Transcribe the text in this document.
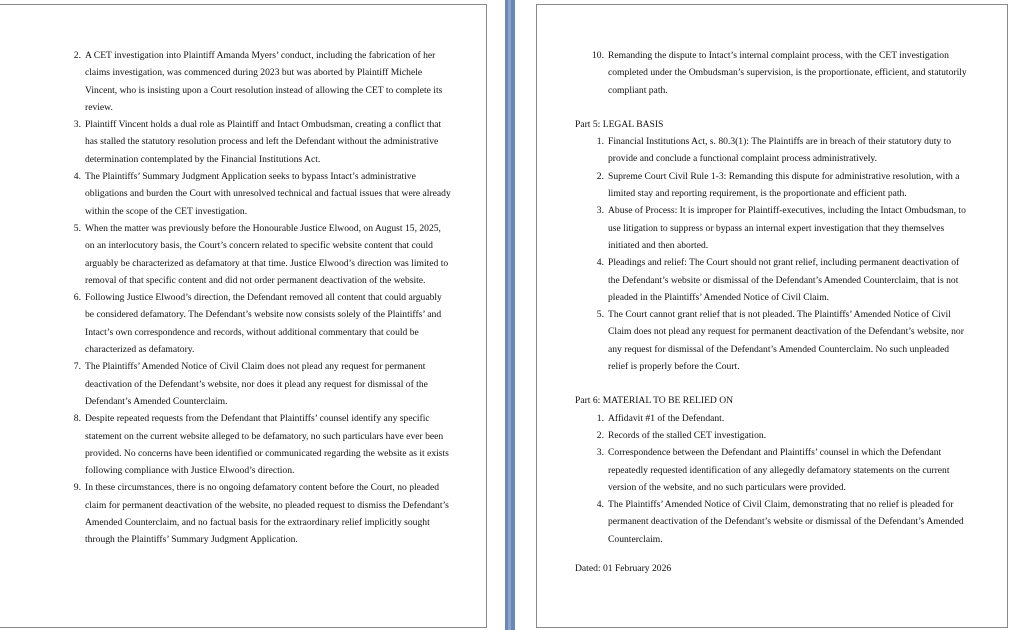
2. A CET investigation into Plaintiff Amanda Myers’ conduct, including the fabrication of her claims investigation, was commenced during 2023 but was aborted by Plaintiff Michele Vincent, who is insisting upon a Court resolution instead of allowing the CET to complete its review.
3. Plaintiff Vincent holds a dual role as Plaintiff and Intact Ombudsman, creating a conflict that has stalled the statutory resolution process and left the Defendant without the administrative determination contemplated by the Financial Institutions Act.
4. The Plaintiffs’ Summary Judgment Application seeks to bypass Intact’s administrative obligations and burden the Court with unresolved technical and factual issues that were already within the scope of the CET investigation.
5. When the matter was previously before the Honourable Justice Elwood, on August 15, 2025, on an interlocutory basis, the Court’s concern related to specific website content that could arguably be characterized as defamatory at that time. Justice Elwood’s direction was limited to removal of that specific content and did not order permanent deactivation of the website.
6. Following Justice Elwood’s direction, the Defendant removed all content that could arguably be considered defamatory. The Defendant’s website now consists solely of the Plaintiffs’ and Intact’s own correspondence and records, without additional commentary that could be characterized as defamatory.
7. The Plaintiffs’ Amended Notice of Civil Claim does not plead any request for permanent deactivation of the Defendant’s website, nor does it plead any request for dismissal of the Defendant’s Amended Counterclaim.
8. Despite repeated requests from the Defendant that Plaintiffs’ counsel identify any specific statement on the current website alleged to be defamatory, no such particulars have ever been provided. No concerns have been identified or communicated regarding the website as it exists following compliance with Justice Elwood’s direction.
9. In these circumstances, there is no ongoing defamatory content before the Court, no pleaded claim for permanent deactivation of the website, no pleaded request to dismiss the Defendant’s Amended Counterclaim, and no factual basis for the extraordinary relief implicitly sought through the Plaintiffs’ Summary Judgment Application.
10. Remanding the dispute to Intact’s internal complaint process, with the CET investigation completed under the Ombudsman’s supervision, is the proportionate, efficient, and statutorily compliant path.
Part 5: LEGAL BASIS
1. Financial Institutions Act, s. 80.3(1): The Plaintiffs are in breach of their statutory duty to provide and conclude a functional complaint process administratively.
2. Supreme Court Civil Rule 1-3: Remanding this dispute for administrative resolution, with a limited stay and reporting requirement, is the proportionate and efficient path.
3. Abuse of Process: It is improper for Plaintiff-executives, including the Intact Ombudsman, to use litigation to suppress or bypass an internal expert investigation that they themselves initiated and then aborted.
4. Pleadings and relief: The Court should not grant relief, including permanent deactivation of the Defendant’s website or dismissal of the Defendant’s Amended Counterclaim, that is not pleaded in the Plaintiffs’ Amended Notice of Civil Claim.
5. The Court cannot grant relief that is not pleaded. The Plaintiffs’ Amended Notice of Civil Claim does not plead any request for permanent deactivation of the Defendant’s website, nor any request for dismissal of the Defendant’s Amended Counterclaim. No such unpleaded relief is properly before the Court.
Part 6: MATERIAL TO BE RELIED ON
1. Affidavit #1 of the Defendant.
2. Records of the stalled CET investigation.
3. Correspondence between the Defendant and Plaintiffs’ counsel in which the Defendant repeatedly requested identification of any allegedly defamatory statements on the current version of the website, and no such particulars were provided.
4. The Plaintiffs’ Amended Notice of Civil Claim, demonstrating that no relief is pleaded for permanent deactivation of the Defendant’s website or dismissal of the Defendant’s Amended Counterclaim.
Dated: 01 February 2026
